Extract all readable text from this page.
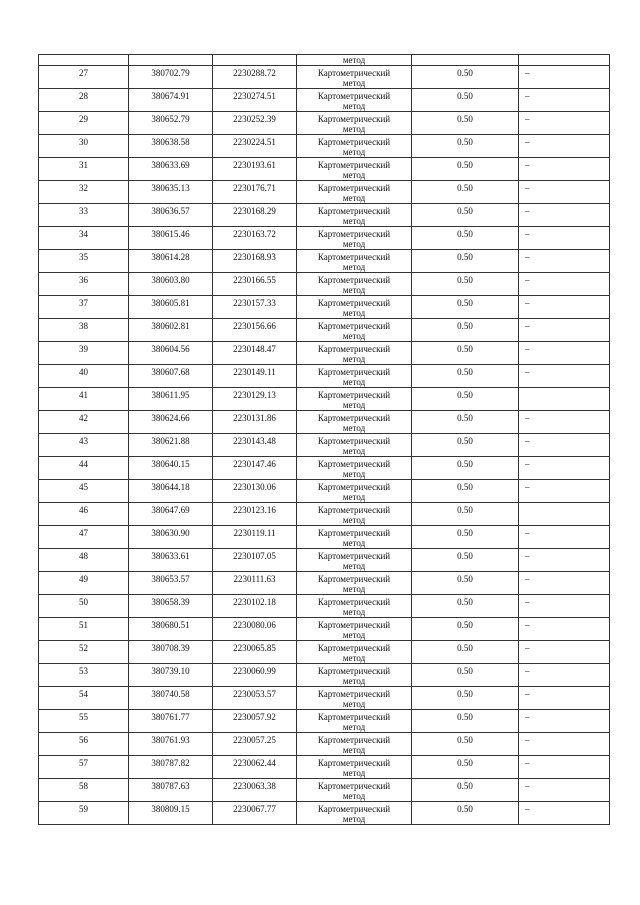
			метод		
27	380702.79	2230288.72	Картометрический
метод	0.50	–
28	380674.91	2230274.51	Картометрический
метод	0.50	–
29	380652.79	2230252.39	Картометрический
метод	0.50	–
30	380638.58	2230224.51	Картометрический
метод	0.50	–
31	380633.69	2230193.61	Картометрический
метод	0.50	–
32	380635.13	2230176.71	Картометрический
метод	0.50	–
33	380636.57	2230168.29	Картометрический
метод	0.50	–
34	380615.46	2230163.72	Картометрический
метод	0.50	–
35	380614.28	2230168.93	Картометрический
метод	0.50	–
36	380603.80	2230166.55	Картометрический
метод	0.50	–
37	380605.81	2230157.33	Картометрический
метод	0.50	–
38	380602.81	2230156.66	Картометрический
метод	0.50	–
39	380604.56	2230148.47	Картометрический
метод	0.50	–
40	380607.68	2230149.11	Картометрический
метод	0.50	–
41	380611.95	2230129.13	Картометрический
метод	0.50	
42	380624.66	2230131.86	Картометрический
метод	0.50	–
43	380621.88	2230143.48	Картометрический
метод	0.50	–
44	380640.15	2230147.46	Картометрический
метод	0.50	–
45	380644.18	2230130.06	Картометрический
метод	0.50	–
46	380647.69	2230123.16	Картометрический
метод	0.50	
47	380630.90	2230119.11	Картометрический
метод	0.50	–
48	380633.61	2230107.05	Картометрический
метод	0.50	–
49	380653.57	2230111.63	Картометрический
метод	0.50	–
50	380658.39	2230102.18	Картометрический
метод	0.50	–
51	380680.51	2230080.06	Картометрический
метод	0.50	–
52	380708.39	2230065.85	Картометрический
метод	0.50	–
53	380739.10	2230060.99	Картометрический
метод	0.50	–
54	380740.58	2230053.57	Картометрический
метод	0.50	–
55	380761.77	2230057.92	Картометрический
метод	0.50	–
56	380761.93	2230057.25	Картометрический
метод	0.50	–
57	380787.82	2230062.44	Картометрический
метод	0.50	–
58	380787.63	2230063.38	Картометрический
метод	0.50	–
59	380809.15	2230067.77	Картометрический
метод	0.50	–
